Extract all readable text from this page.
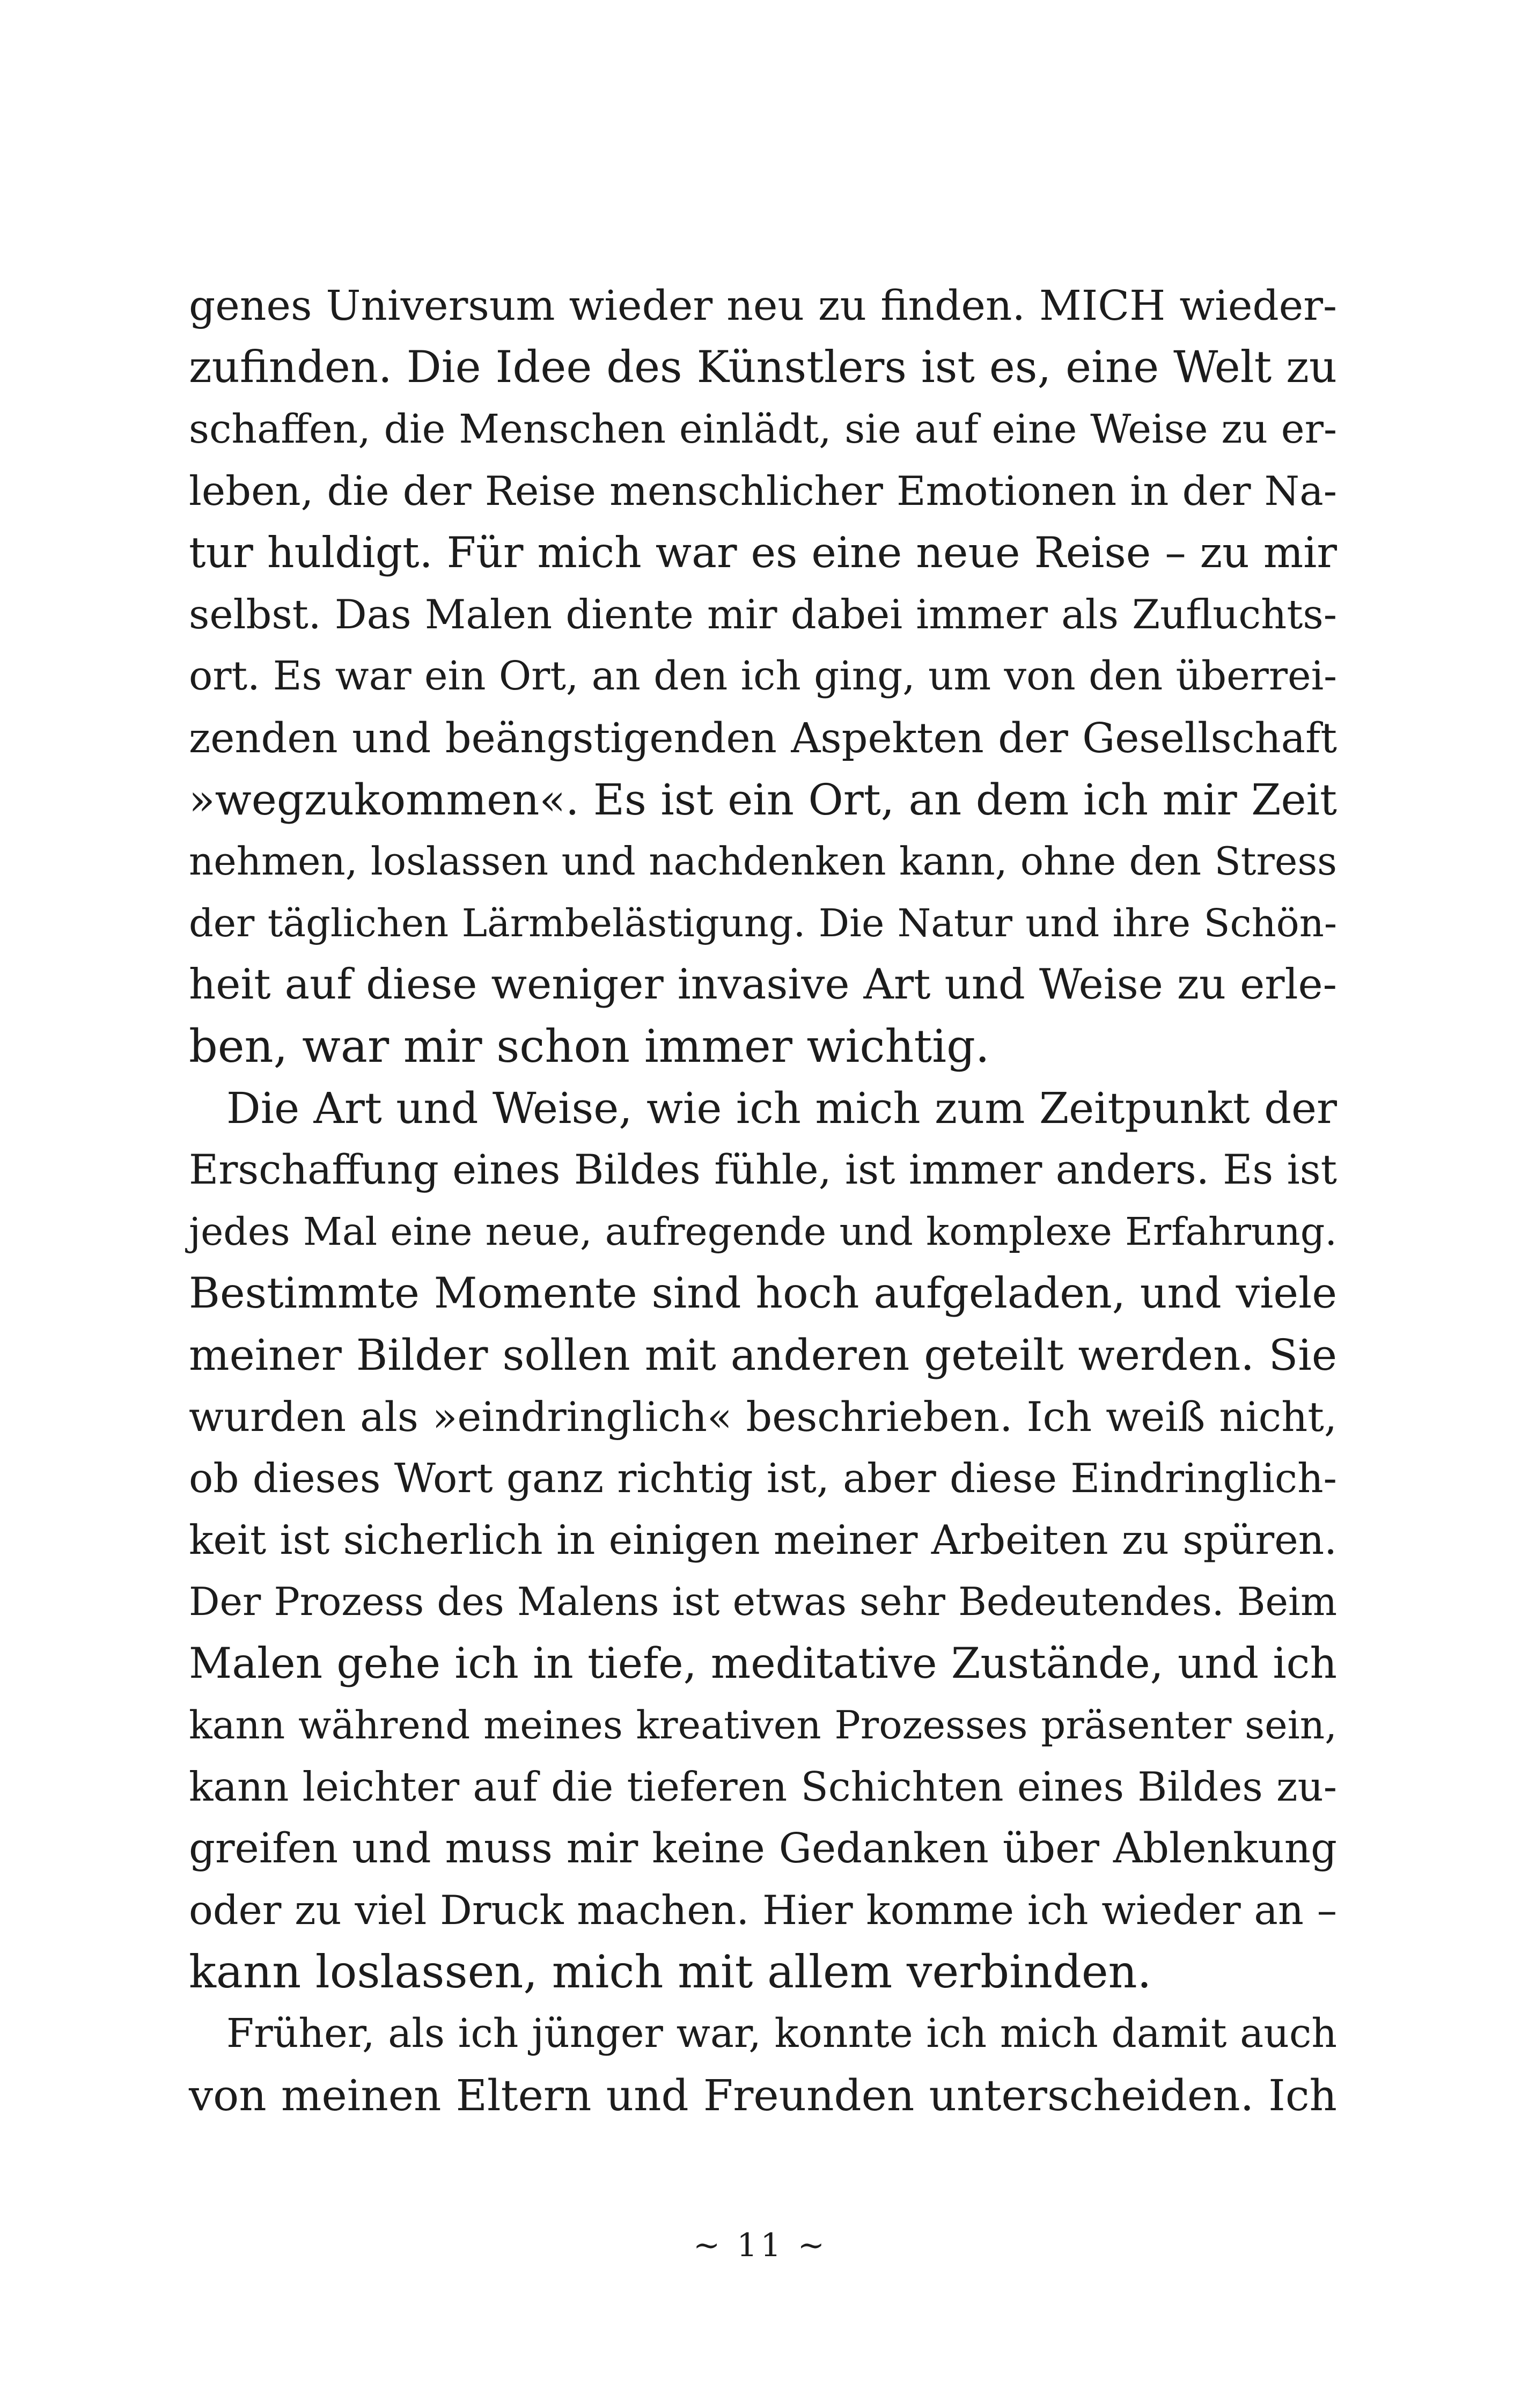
genes Universum wieder neu zu finden. MICH wieder-
zufinden. Die Idee des Künstlers ist es, eine Welt zu
schaffen, die Menschen einlädt, sie auf eine Weise zu er-
leben, die der Reise menschlicher Emotionen in der Na-
tur huldigt. Für mich war es eine neue Reise – zu mir
selbst. Das Malen diente mir dabei immer als Zufluchts-
ort. Es war ein Ort, an den ich ging, um von den überrei-
zenden und beängstigenden Aspekten der Gesellschaft
»wegzukommen«. Es ist ein Ort, an dem ich mir Zeit
nehmen, loslassen und nachdenken kann, ohne den Stress
der täglichen Lärmbelästigung. Die Natur und ihre Schön-
heit auf diese weniger invasive Art und Weise zu erle-
ben, war mir schon immer wichtig.
Die Art und Weise, wie ich mich zum Zeitpunkt der
Erschaffung eines Bildes fühle, ist immer anders. Es ist
jedes Mal eine neue, aufregende und komplexe Erfahrung.
Bestimmte Momente sind hoch aufgeladen, und viele
meiner Bilder sollen mit anderen geteilt werden. Sie
wurden als »eindringlich« beschrieben. Ich weiß nicht,
ob dieses Wort ganz richtig ist, aber diese Eindringlich-
keit ist sicherlich in einigen meiner Arbeiten zu spüren.
Der Prozess des Malens ist etwas sehr Bedeutendes. Beim
Malen gehe ich in tiefe, meditative Zustände, und ich
kann während meines kreativen Prozesses präsenter sein,
kann leichter auf die tieferen Schichten eines Bildes zu-
greifen und muss mir keine Gedanken über Ablenkung
oder zu viel Druck machen. Hier komme ich wieder an –
kann loslassen, mich mit allem verbinden.
Früher, als ich jünger war, konnte ich mich damit auch
von meinen Eltern und Freunden unterscheiden. Ich
~ 11 ~
